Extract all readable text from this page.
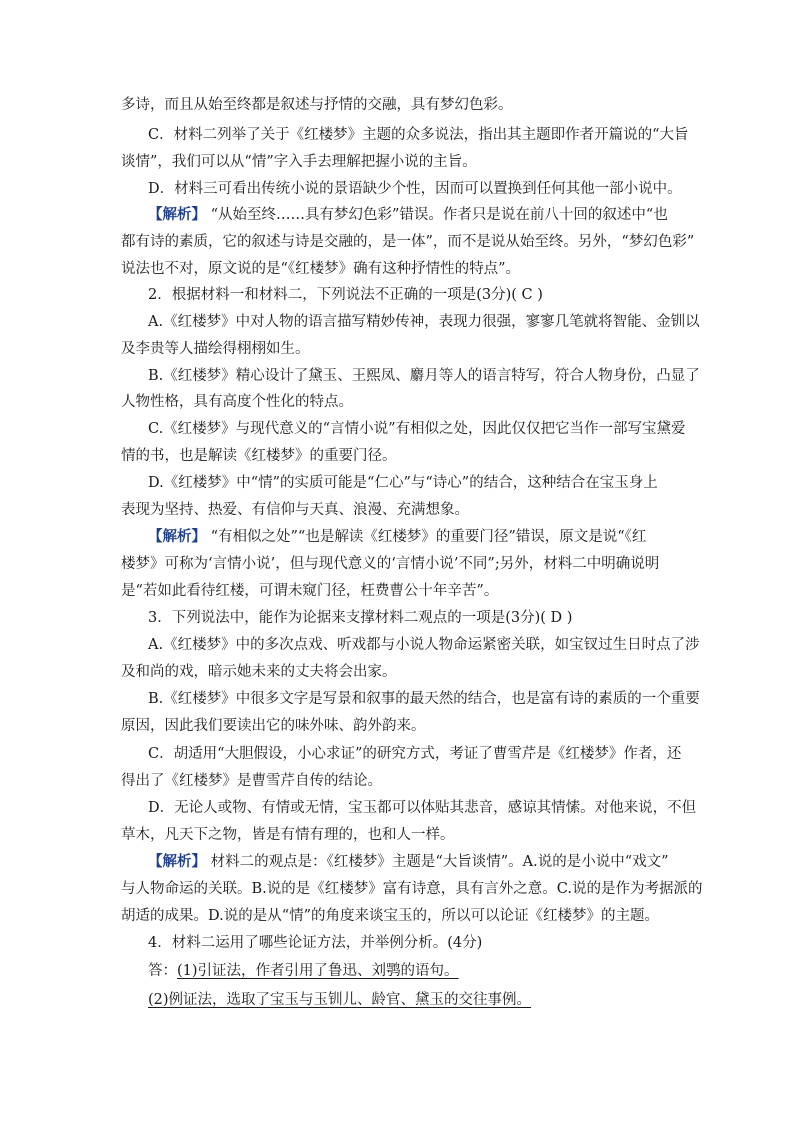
多诗，而且从始至终都是叙述与抒情的交融，具有梦幻色彩。
C．材料二列举了关于《红楼梦》主题的众多说法，指出其主题即作者开篇说的“大旨
谈情”，我们可以从“情”字入手去理解把握小说的主旨。
D．材料三可看出传统小说的景语缺少个性，因而可以置换到任何其他一部小说中。
【解析】 “从始至终……具有梦幻色彩”错误。作者只是说在前八十回的叙述中“也
都有诗的素质，它的叙述与诗是交融的，是一体”，而不是说从始至终。另外，“梦幻色彩”
说法也不对，原文说的是“《红楼梦》确有这种抒情性的特点”。
2．根据材料一和材料二，下列说法不正确的一项是(3分)( C )
A.《红楼梦》中对人物的语言描写精妙传神，表现力很强，寥寥几笔就将智能、金钏以
及李贵等人描绘得栩栩如生。
B.《红楼梦》精心设计了黛玉、王熙凤、麝月等人的语言特写，符合人物身份，凸显了
人物性格，具有高度个性化的特点。
C.《红楼梦》与现代意义的“言情小说”有相似之处，因此仅仅把它当作一部写宝黛爱
情的书，也是解读《红楼梦》的重要门径。
D.《红楼梦》中“情”的实质可能是“仁心”与“诗心”的结合，这种结合在宝玉身上
表现为坚持、热爱、有信仰与天真、浪漫、充满想象。
【解析】 “有相似之处”“也是解读《红楼梦》的重要门径”错误，原文是说“《红
楼梦》可称为‘言情小说’，但与现代意义的‘言情小说’不同”;另外，材料二中明确说明
是“若如此看待红楼，可谓未窥门径，枉费曹公十年辛苦”。
3．下列说法中，能作为论据来支撑材料二观点的一项是(3分)( D )
A.《红楼梦》中的多次点戏、听戏都与小说人物命运紧密关联，如宝钗过生日时点了涉
及和尚的戏，暗示她未来的丈夫将会出家。
B.《红楼梦》中很多文字是写景和叙事的最天然的结合，也是富有诗的素质的一个重要
原因，因此我们要读出它的味外味、韵外韵来。
C．胡适用“大胆假设，小心求证”的研究方式，考证了曹雪芹是《红楼梦》作者，还
得出了《红楼梦》是曹雪芹自传的结论。
D．无论人或物、有情或无情，宝玉都可以体贴其悲音，感谅其情愫。对他来说，不但
草木，凡天下之物，皆是有情有理的，也和人一样。
【解析】 材料二的观点是：《红楼梦》主题是“大旨谈情”。A.说的是小说中“戏文”
与人物命运的关联。B.说的是《红楼梦》富有诗意，具有言外之意。C.说的是作为考据派的
胡适的成果。D.说的是从“情”的角度来谈宝玉的，所以可以论证《红楼梦》的主题。
4．材料二运用了哪些论证方法，并举例分析。(4分)
答：(1)引证法，作者引用了鲁迅、刘鹗的语句。
(2)例证法，选取了宝玉与玉钏儿、龄官、黛玉的交往事例。
